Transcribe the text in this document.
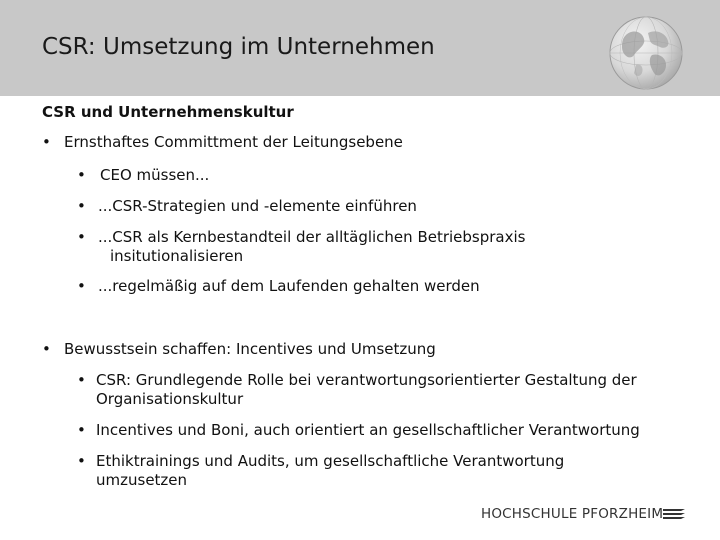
CSR: Umsetzung im Unternehmen
CSR und Unternehmenskultur
• Ernsthaftes Committment der Leitungsebene
• CEO müssen...
• ...CSR-Strategien und -elemente einführen
• ...CSR als Kernbestandteil der alltäglichen Betriebspraxis
insitutionalisieren
• ...regelmäßig auf dem Laufenden gehalten werden
• Bewusstsein schaffen: Incentives und Umsetzung
• CSR: Grundlegende Rolle bei verantwortungsorientierter Gestaltung der
Organisationskultur
• Incentives und Boni, auch orientiert an gesellschaftlicher Verantwortung
• Ethiktrainings und Audits, um gesellschaftliche Verantwortung
umzusetzen
HOCHSCHULE PFORZHEIM
